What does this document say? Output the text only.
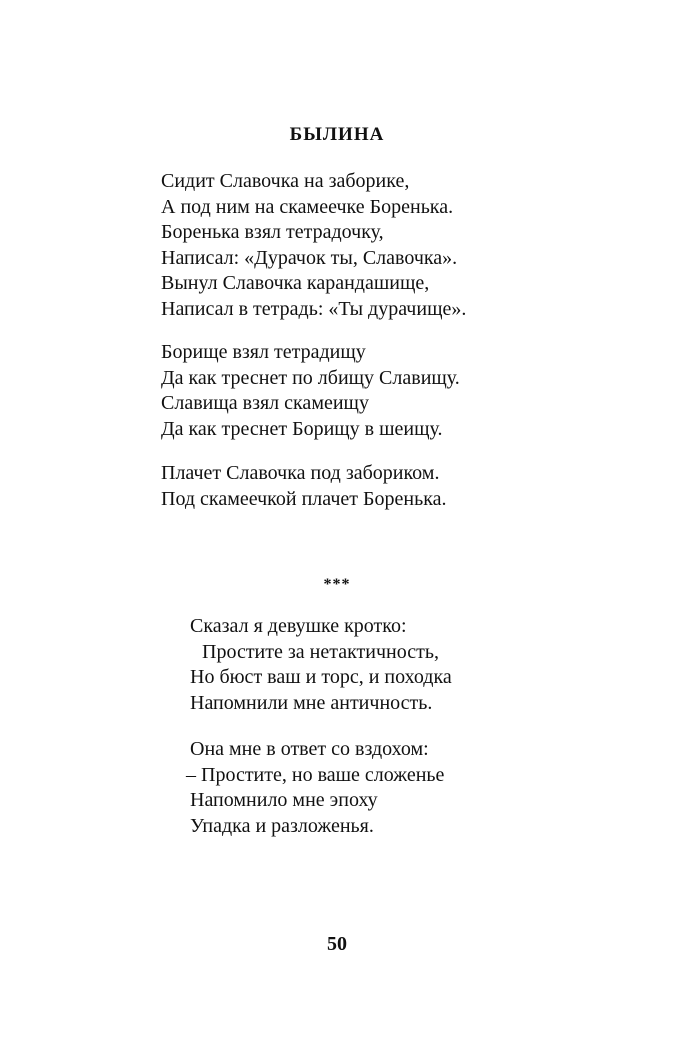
БЫЛИНА
Сидит Славочка на заборике,
А под ним на скамеечке Боренька.
Боренька взял тетрадочку,
Написал: «Дурачок ты, Славочка».
Вынул Славочка карандашище,
Написал в тетрадь: «Ты дурачище».
Борище взял тетрадищу
Да как треснет по лбищу Славищу.
Славища взял скамеищу
Да как треснет Борищу в шеищу.
Плачет Славочка под забориком.
Под скамеечкой плачет Боренька.
***
Сказал я девушке кротко:
Простите за нетактичность,
Но бюст ваш и торс, и походка
Напомнили мне античность.
Она мне в ответ со вздохом:
– Простите, но ваше сложенье
Напомнило мне эпоху
Упадка и разложенья.
50
